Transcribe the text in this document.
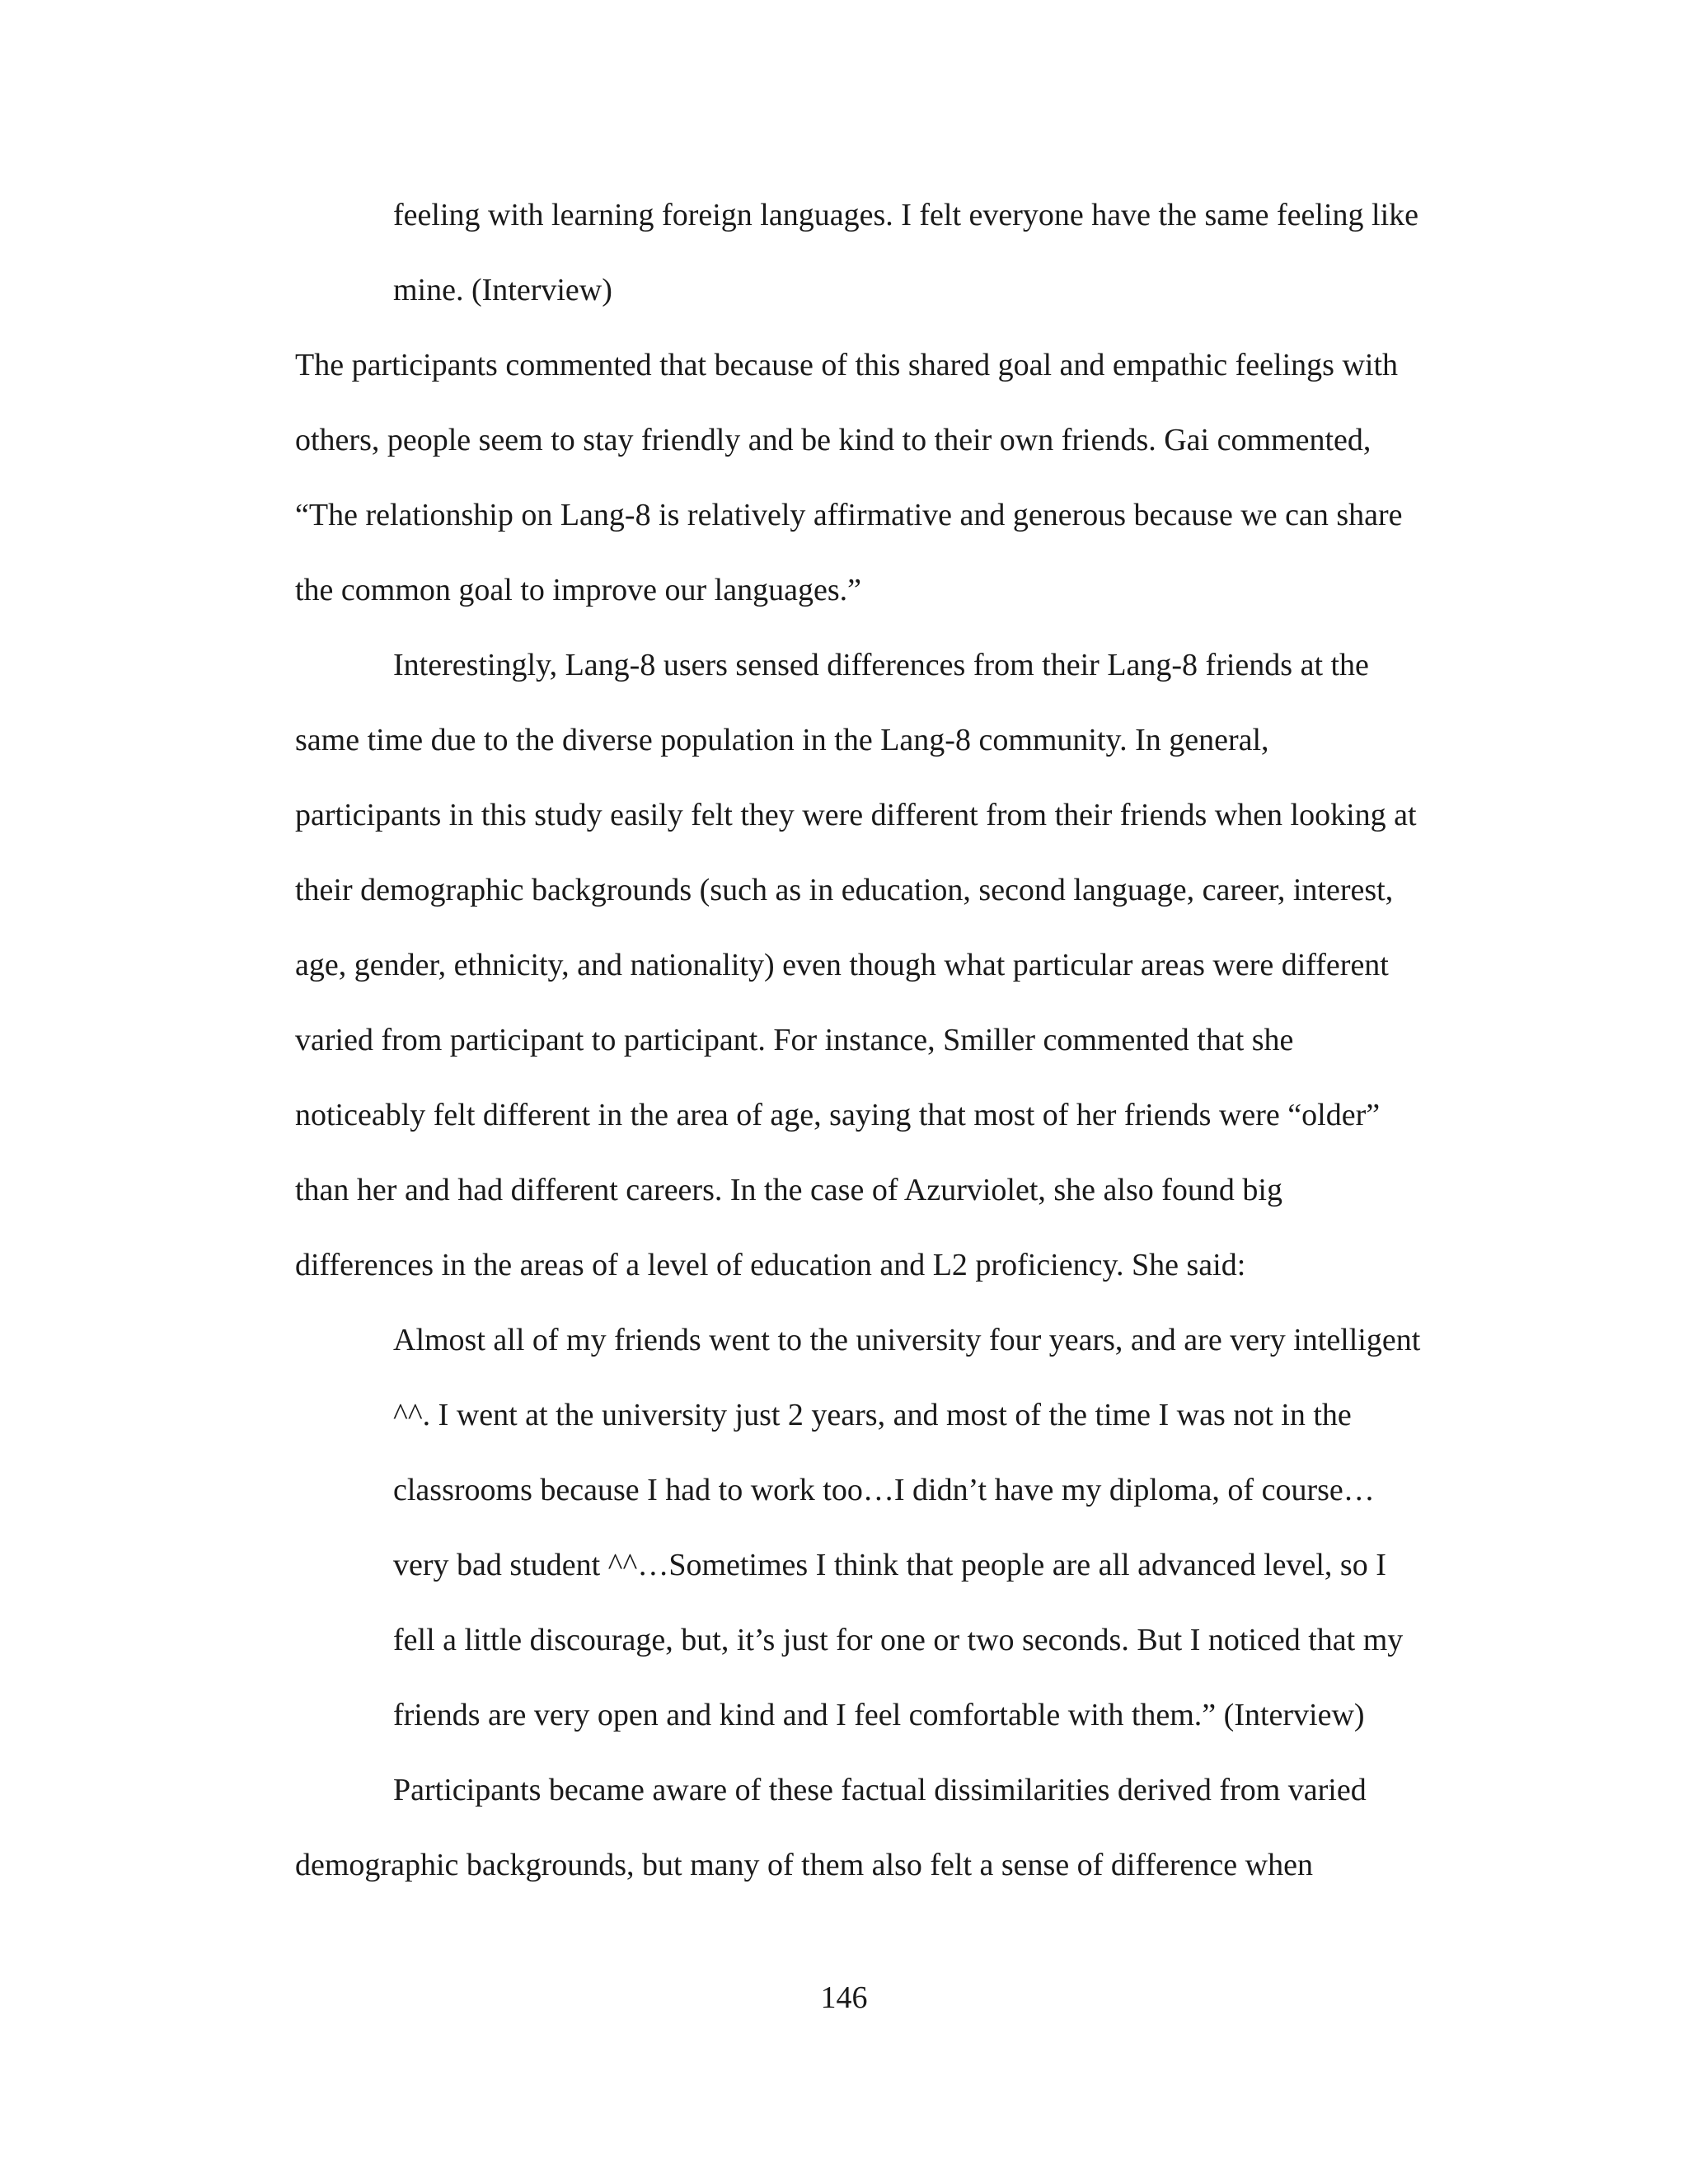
feeling with learning foreign languages. I felt everyone have the same feeling like
mine. (Interview)
The participants commented that because of this shared goal and empathic feelings with
others, people seem to stay friendly and be kind to their own friends. Gai commented,
“The relationship on Lang-8 is relatively affirmative and generous because we can share
the common goal to improve our languages.”
Interestingly, Lang-8 users sensed differences from their Lang-8 friends at the
same time due to the diverse population in the Lang-8 community. In general,
participants in this study easily felt they were different from their friends when looking at
their demographic backgrounds (such as in education, second language, career, interest,
age, gender, ethnicity, and nationality) even though what particular areas were different
varied from participant to participant. For instance, Smiller commented that she
noticeably felt different in the area of age, saying that most of her friends were “older”
than her and had different careers. In the case of Azurviolet, she also found big
differences in the areas of a level of education and L2 proficiency. She said:
Almost all of my friends went to the university four years, and are very intelligent
^^. I went at the university just 2 years, and most of the time I was not in the
classrooms because I had to work too…I didn’t have my diploma, of course…
very bad student ^^…Sometimes I think that people are all advanced level, so I
fell a little discourage, but, it’s just for one or two seconds. But I noticed that my
friends are very open and kind and I feel comfortable with them.” (Interview)
Participants became aware of these factual dissimilarities derived from varied
demographic backgrounds, but many of them also felt a sense of difference when
146
